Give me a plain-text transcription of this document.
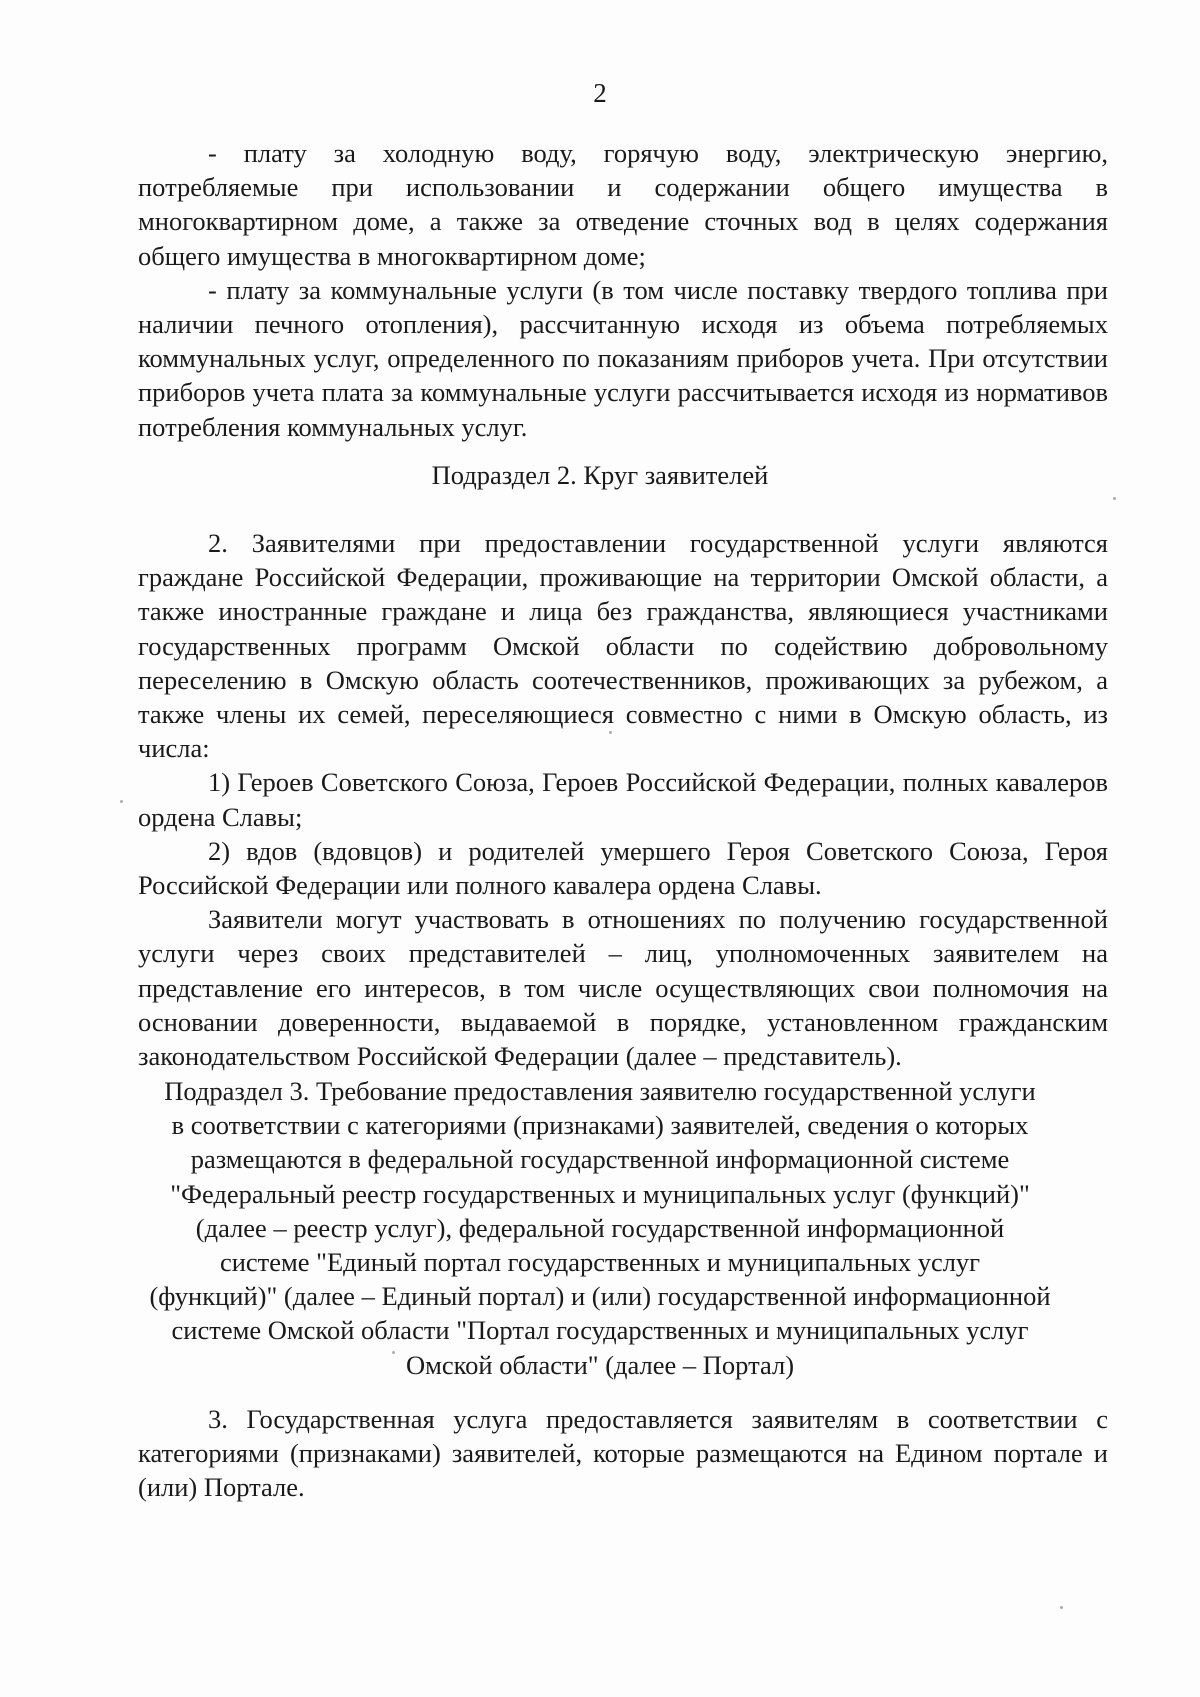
2

- плату за холодную воду, горячую воду, электрическую энергию, потребляемые при использовании и содержании общего имущества в многоквартирном доме, а также за отведение сточных вод в целях содержания общего имущества в многоквартирном доме;

- плату за коммунальные услуги (в том числе поставку твердого топлива при наличии печного отопления), рассчитанную исходя из объема потребляемых коммунальных услуг, определенного по показаниям приборов учета. При отсутствии приборов учета плата за коммунальные услуги рассчитывается исходя из нормативов потребления коммунальных услуг.

Подраздел 2. Круг заявителей

2. Заявителями при предоставлении государственной услуги являются граждане Российской Федерации, проживающие на территории Омской области, а также иностранные граждане и лица без гражданства, являющиеся участниками государственных программ Омской области по содействию добровольному переселению в Омскую область соотечественников, проживающих за рубежом, а также члены их семей, переселяющиеся совместно с ними в Омскую область, из числа:

1) Героев Советского Союза, Героев Российской Федерации, полных кавалеров ордена Славы;

2) вдов (вдовцов) и родителей умершего Героя Советского Союза, Героя Российской Федерации или полного кавалера ордена Славы.

Заявители могут участвовать в отношениях по получению государственной услуги через своих представителей – лиц, уполномоченных заявителем на представление его интересов, в том числе осуществляющих свои полномочия на основании доверенности, выдаваемой в порядке, установленном гражданским законодательством Российской Федерации (далее – представитель).

Подраздел 3. Требование предоставления заявителю государственной услуги
в соответствии с категориями (признаками) заявителей, сведения о которых
размещаются в федеральной государственной информационной системе
"Федеральный реестр государственных и муниципальных услуг (функций)"
(далее – реестр услуг), федеральной государственной информационной
системе "Единый портал государственных и муниципальных услуг
(функций)" (далее – Единый портал) и (или) государственной информационной
системе Омской области "Портал государственных и муниципальных услуг
Омской области" (далее – Портал)

3. Государственная услуга предоставляется заявителям в соответствии с категориями (признаками) заявителей, которые размещаются на Едином портале и (или) Портале.
